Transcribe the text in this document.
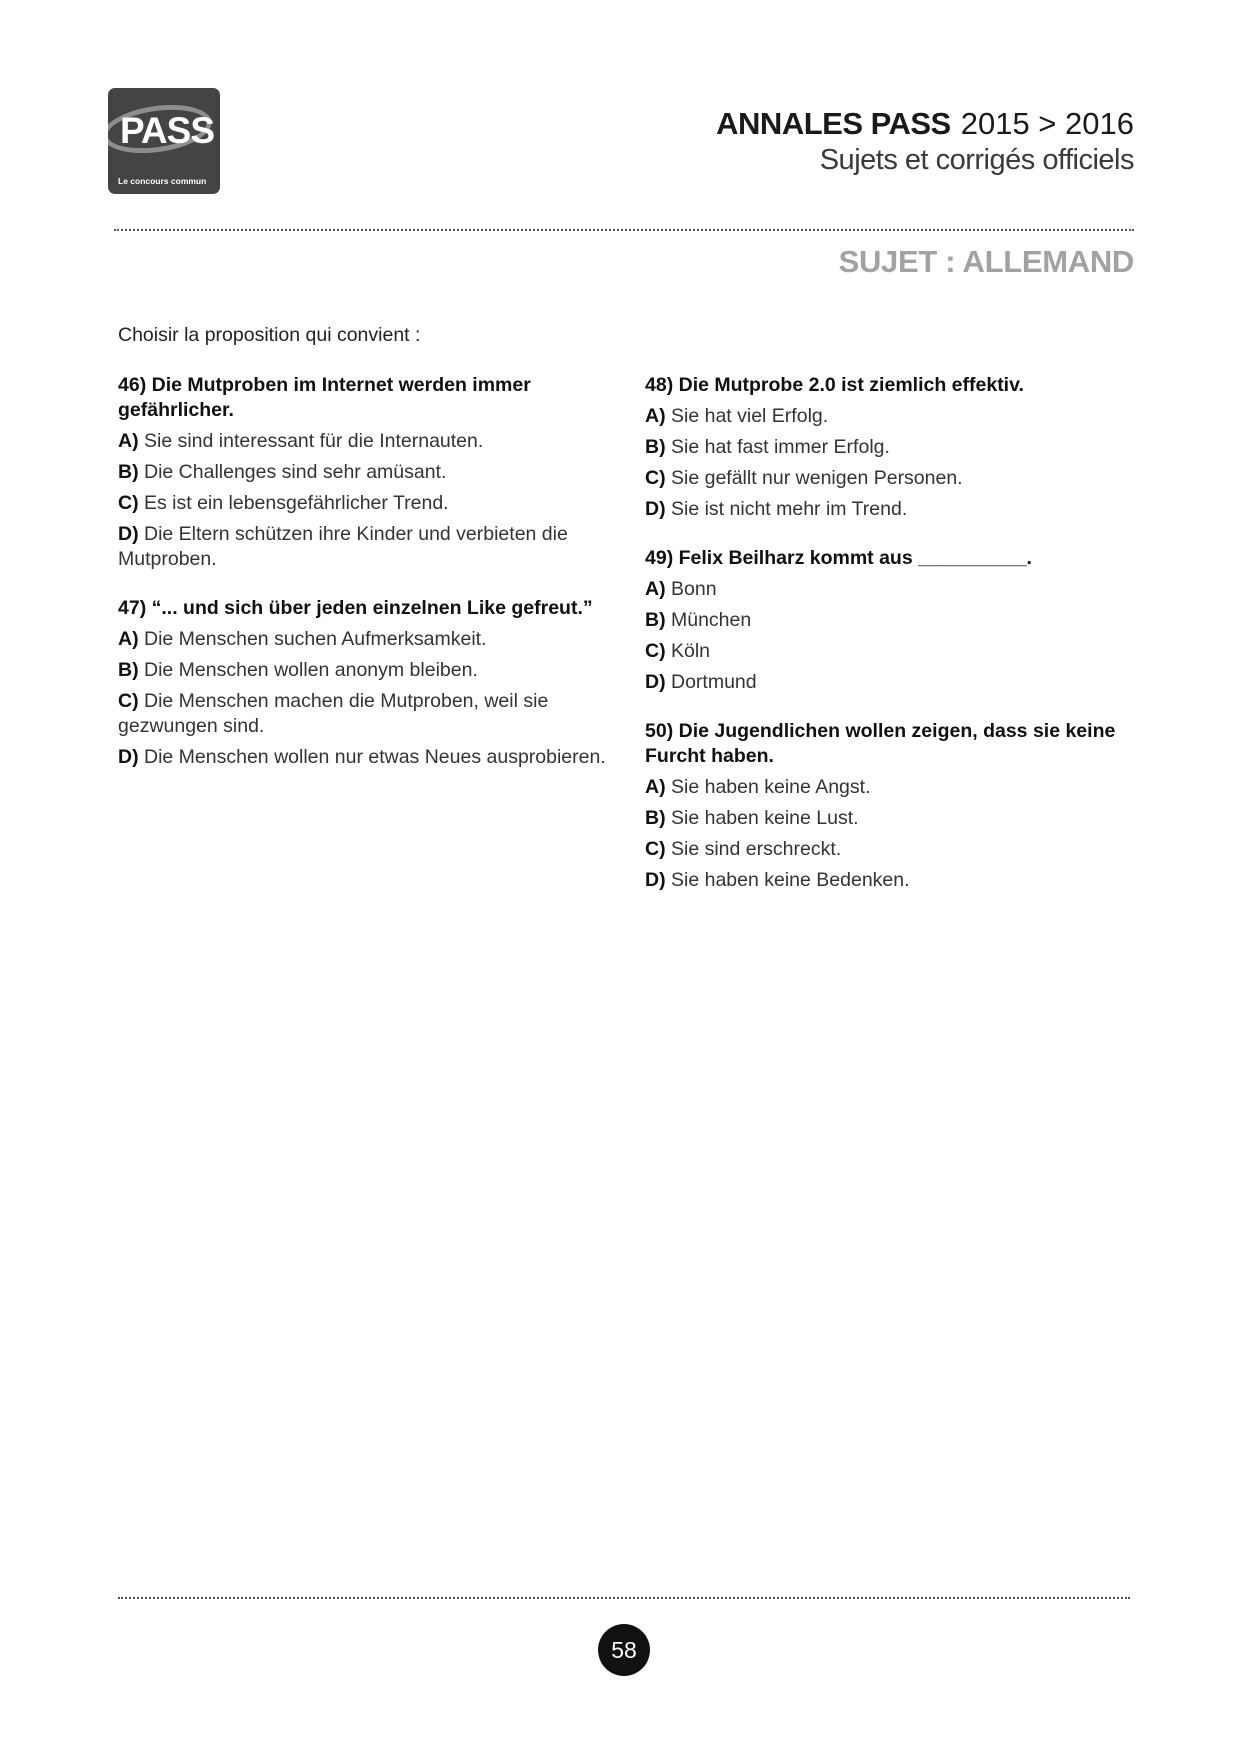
PASS
Le concours commun
ANNALES PASS 2015 > 2016
Sujets et corrigés officiels
SUJET : ALLEMAND
Choisir la proposition qui convient :
46) Die Mutproben im Internet werden immer gefährlicher.
A) Sie sind interessant für die Internauten.
B) Die Challenges sind sehr amüsant.
C) Es ist ein lebensgefährlicher Trend.
D) Die Eltern schützen ihre Kinder und verbieten die Mutproben.
47) “... und sich über jeden einzelnen Like gefreut.”
A) Die Menschen suchen Aufmerksamkeit.
B) Die Menschen wollen anonym bleiben.
C) Die Menschen machen die Mutproben, weil sie gezwungen sind.
D) Die Menschen wollen nur etwas Neues ausprobieren.
48) Die Mutprobe 2.0 ist ziemlich effektiv.
A) Sie hat viel Erfolg.
B) Sie hat fast immer Erfolg.
C) Sie gefällt nur wenigen Personen.
D) Sie ist nicht mehr im Trend.
49) Felix Beilharz kommt aus __________.
A) Bonn
B) München
C) Köln
D) Dortmund
50) Die Jugendlichen wollen zeigen, dass sie keine Furcht haben.
A) Sie haben keine Angst.
B) Sie haben keine Lust.
C) Sie sind erschreckt.
D) Sie haben keine Bedenken.
58
